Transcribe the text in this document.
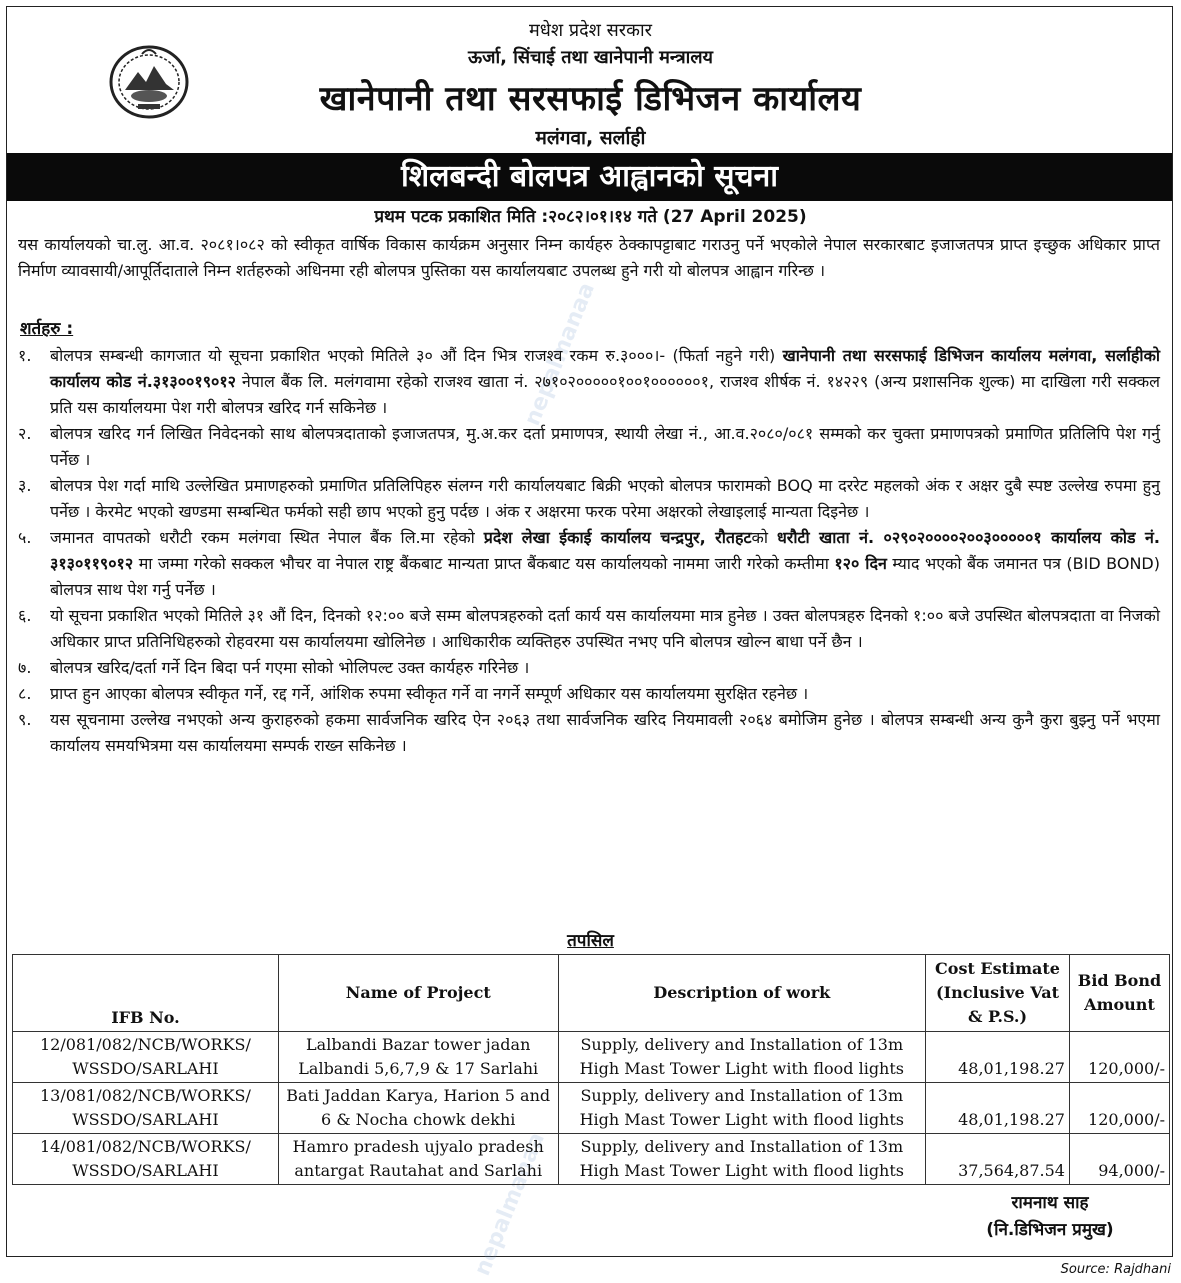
nepalmanaa
nepalmanaa
मधेश प्रदेश सरकार
ऊर्जा, सिंचाई तथा खानेपानी मन्त्रालय
खानेपानी तथा सरसफाई डिभिजन कार्यालय
मलंगवा, सर्लाही
शिलबन्दी बोलपत्र आह्वानको सूचना
प्रथम पटक प्रकाशित मिति :२०८२।०१।१४ गते (27 April 2025)
यस कार्यालयको चा.लु. आ.व. २०८१।०८२ को स्वीकृत वार्षिक विकास कार्यक्रम अनुसार निम्न कार्यहरु ठेक्कापट्टाबाट गराउनु पर्ने भएकोले नेपाल सरकारबाट इजाजतपत्र प्राप्त इच्छुक अधिकार प्राप्त निर्माण व्यावसायी/आपूर्तिदाताले निम्न शर्तहरुको अधिनमा रही बोलपत्र पुस्तिका यस कार्यालयबाट उपलब्ध हुने गरी यो बोलपत्र आह्वान गरिन्छ ।
शर्तहरु :

१. बोलपत्र सम्बन्धी कागजात यो सूचना प्रकाशित भएको मितिले ३० औं दिन भित्र राजश्व रकम रु.३०००।- (फिर्ता नहुने गरी) खानेपानी तथा सरसफाई डिभिजन कार्यालय मलंगवा, सर्लाहीको कार्यालय कोड नं.३१३००१९०१२ नेपाल बैंक लि. मलंगवामा रहेको राजश्व खाता नं. २७१०२०००००१००१००००००१, राजश्व शीर्षक नं. १४२२९ (अन्य प्रशासनिक शुल्क) मा दाखिला गरी सक्कल प्रति यस कार्यालयमा पेश गरी बोलपत्र खरिद गर्न सकिनेछ ।

२. बोलपत्र खरिद गर्न लिखित निवेदनको साथ बोलपत्रदाताको इजाजतपत्र, मु.अ.कर दर्ता प्रमाणपत्र, स्थायी लेखा नं., आ.व.२०८०/०८१ सम्मको कर चुक्ता प्रमाणपत्रको प्रमाणित प्रतिलिपि पेश गर्नु पर्नेछ ।

३. बोलपत्र पेश गर्दा माथि उल्लेखित प्रमाणहरुको प्रमाणित प्रतिलिपिहरु संलग्न गरी कार्यालयबाट बिक्री भएको बोलपत्र फारामको BOQ मा दररेट महलको अंक र अक्षर दुबै स्पष्ट उल्लेख रुपमा हुनु पर्नेछ । केरमेट भएको खण्डमा सम्बन्धित फर्मको सही छाप भएको हुनु पर्दछ । अंक र अक्षरमा फरक परेमा अक्षरको लेखाइलाई मान्यता दिइनेछ ।

५. जमानत वापतको धरौटी रकम मलंगवा स्थित नेपाल बैंक लि.मा रहेको प्रदेश लेखा ईकाई कार्यालय चन्द्रपुर, रौतहटको धरौटी खाता नं. ०२९०२००००२००३०००००१ कार्यालय कोड नं. ३१३०११९०१२ मा जम्मा गरेको सक्कल भौचर वा नेपाल राष्ट्र बैंकबाट मान्यता प्राप्त बैंकबाट यस कार्यालयको नाममा जारी गरेको कम्तीमा १२० दिन म्याद भएको बैंक जमानत पत्र (BID BOND) बोलपत्र साथ पेश गर्नु पर्नेछ ।

६. यो सूचना प्रकाशित भएको मितिले ३१ औं दिन, दिनको १२:०० बजे सम्म बोलपत्रहरुको दर्ता कार्य यस कार्यालयमा मात्र हुनेछ । उक्त बोलपत्रहरु दिनको १:०० बजे उपस्थित बोलपत्रदाता वा निजको अधिकार प्राप्त प्रतिनिधिहरुको रोहवरमा यस कार्यालयमा खोलिनेछ । आधिकारीक व्यक्तिहरु उपस्थित नभए पनि बोलपत्र खोल्न बाधा पर्ने छैन ।

७. बोलपत्र खरिद/दर्ता गर्ने दिन बिदा पर्न गएमा सोको भोलिपल्ट उक्त कार्यहरु गरिनेछ ।

८. प्राप्त हुन आएका बोलपत्र स्वीकृत गर्ने, रद्द गर्ने, आंशिक रुपमा स्वीकृत गर्ने वा नगर्ने सम्पूर्ण अधिकार यस कार्यालयमा सुरक्षित रहनेछ ।

९. यस सूचनामा उल्लेख नभएको अन्य कुराहरुको हकमा सार्वजनिक खरिद ऐन २०६३ तथा सार्वजनिक खरिद नियमावली २०६४ बमोजिम हुनेछ । बोलपत्र सम्बन्धी अन्य कुनै कुरा बुझ्नु पर्ने भएमा कार्यालय समयभित्रमा यस कार्यालयमा सम्पर्क राख्न सकिनेछ ।

तपसिल
IFB No.	Name of Project	Description of work	Cost Estimate (Inclusive Vat & P.S.)	Bid Bond Amount
12/081/082/NCB/WORKS/ WSSDO/SARLAHI	Lalbandi Bazar tower jadan Lalbandi 5,6,7,9 & 17 Sarlahi	Supply, delivery and Installation of 13m High Mast Tower Light with flood lights	48,01,198.27	120,000/-
13/081/082/NCB/WORKS/ WSSDO/SARLAHI	Bati Jaddan Karya, Harion 5 and 6 & Nocha chowk dekhi	Supply, delivery and Installation of 13m High Mast Tower Light with flood lights	48,01,198.27	120,000/-
14/081/082/NCB/WORKS/ WSSDO/SARLAHI	Hamro pradesh ujyalo pradesh antargat Rautahat and Sarlahi	Supply, delivery and Installation of 13m High Mast Tower Light with flood lights	37,564,87.54	94,000/-
रामनाथ साह
(नि.डिभिजन प्रमुख)
Source: Rajdhani
